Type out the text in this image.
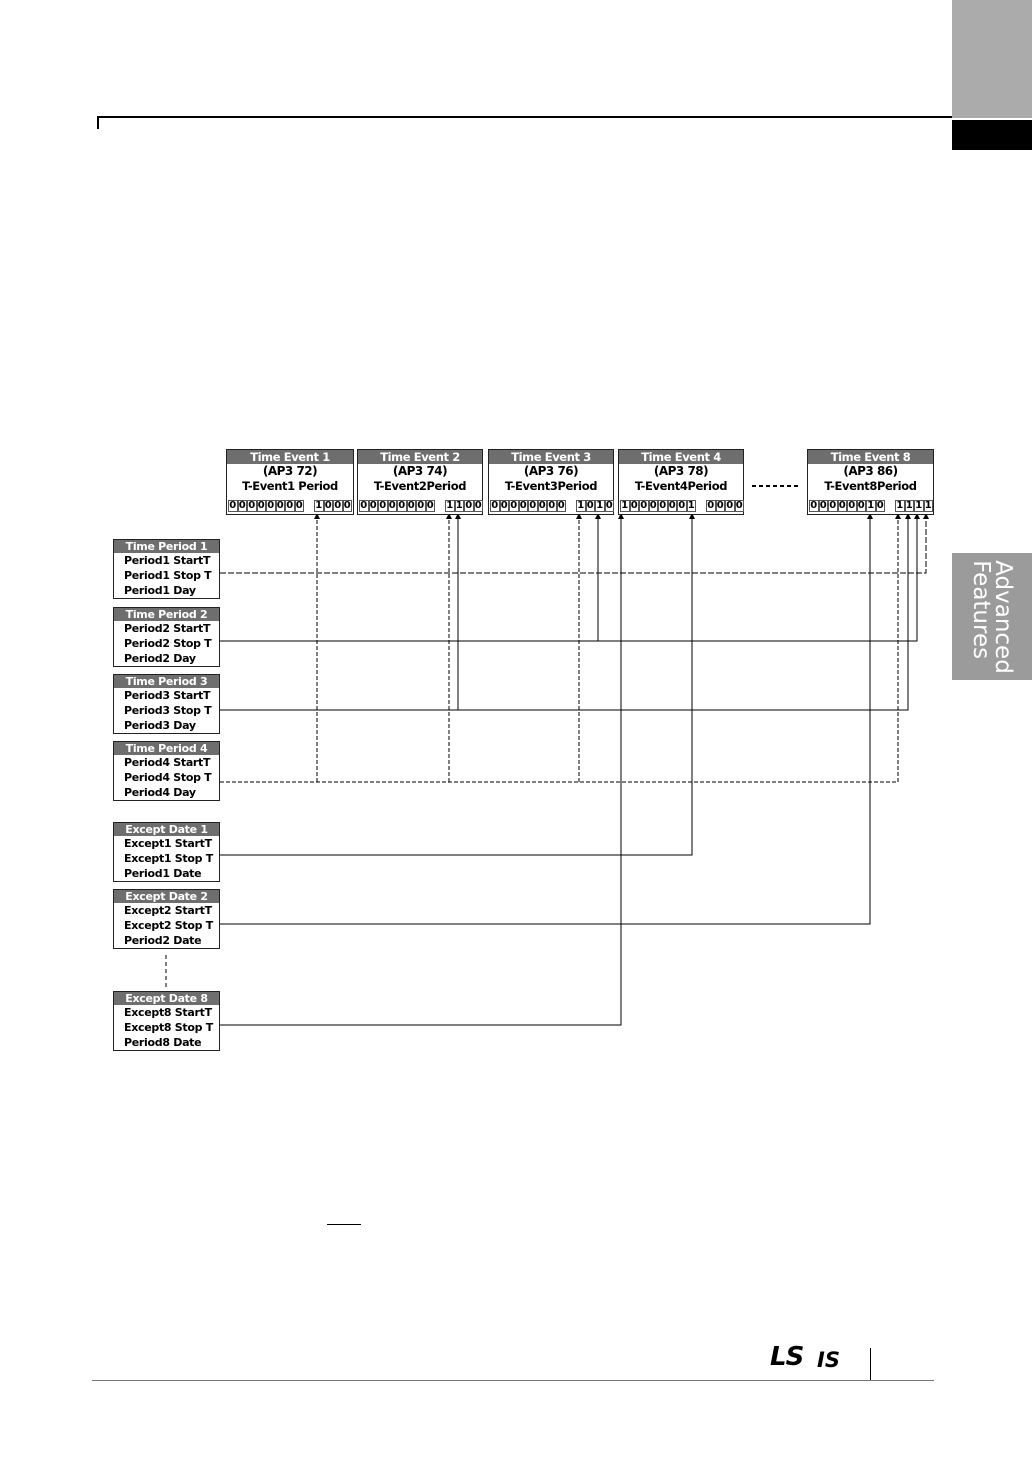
Advanced
Features
Time Event 1
(AP3 72)
T-Event1 Period
0 0 0 0 0 0 0 0 1 0 0 0
Time Event 2
(AP3 74)
T-Event2Period
0 0 0 0 0 0 0 0 1 1 0 0
Time Event 3
(AP3 76)
T-Event3Period
0 0 0 0 0 0 0 0 1 0 1 0
Time Event 4
(AP3 78)
T-Event4Period
1 0 0 0 0 0 0 1 0 0 0 0
Time Event 8
(AP3 86)
T-Event8Period
0 0 0 0 0 0 1 0 1 1 1 1
Time Period 1
Period1 StartT
Period1 Stop T
Period1 Day
Time Period 2
Period2 StartT
Period2 Stop T
Period2 Day
Time Period 3
Period3 StartT
Period3 Stop T
Period3 Day
Time Period 4
Period4 StartT
Period4 Stop T
Period4 Day
Except Date 1
Except1 StartT
Except1 Stop T
Period1 Date
Except Date 2
Except2 StartT
Except2 Stop T
Period2 Date
Except Date 8
Except8 StartT
Except8 Stop T
Period8 Date
LS IS
